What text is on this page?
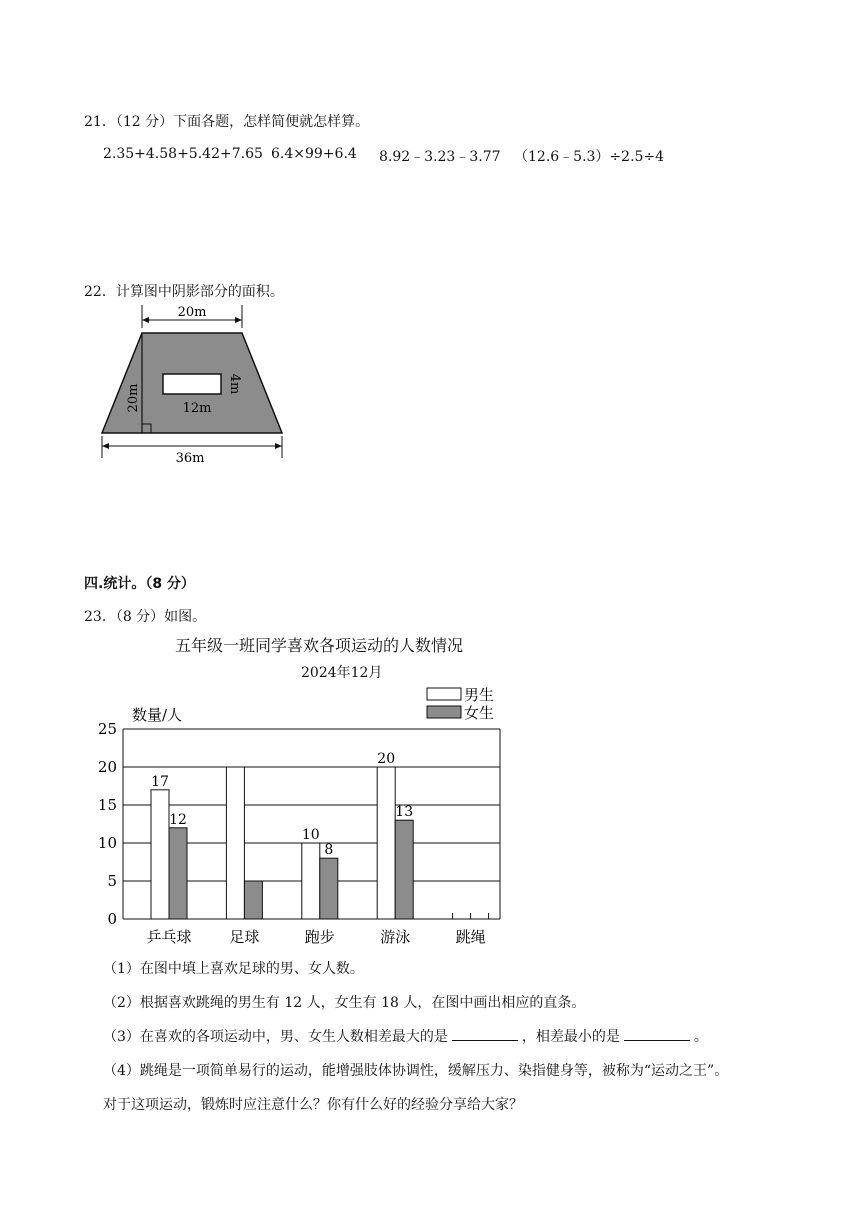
21．（12 分）下面各题，怎样简便就怎样算。
2.35+4.58+5.42+7.65 6.4×99+6.4 8.92﹣3.23﹣3.77 （12.6﹣5.3）÷2.5÷4
22．计算图中阴影部分的面积。
20m
20m	12m
4m
36m
四.统计。（8 分）
23．（8 分）如图。
五年级一班同学喜欢各项运动的人数情况
2024年12月
0
5
10
15
20
25
数量/人
男生
女生
17
12
乒乓球	足球
10
8
跑步
20
13
游泳	跳绳
（1）在图中填上喜欢足球的男、女人数。
（2）根据喜欢跳绳的男生有 12 人，女生有 18 人，在图中画出相应的直条。
（3）在喜欢的各项运动中，男、女生人数相差最大的是	，相差最小的是	。
（4）跳绳是一项简单易行的运动，能增强肢体协调性，缓解压力、染指健身等，被称为“运动之王”。
对于这项运动，锻炼时应注意什么？你有什么好的经验分享给大家？
